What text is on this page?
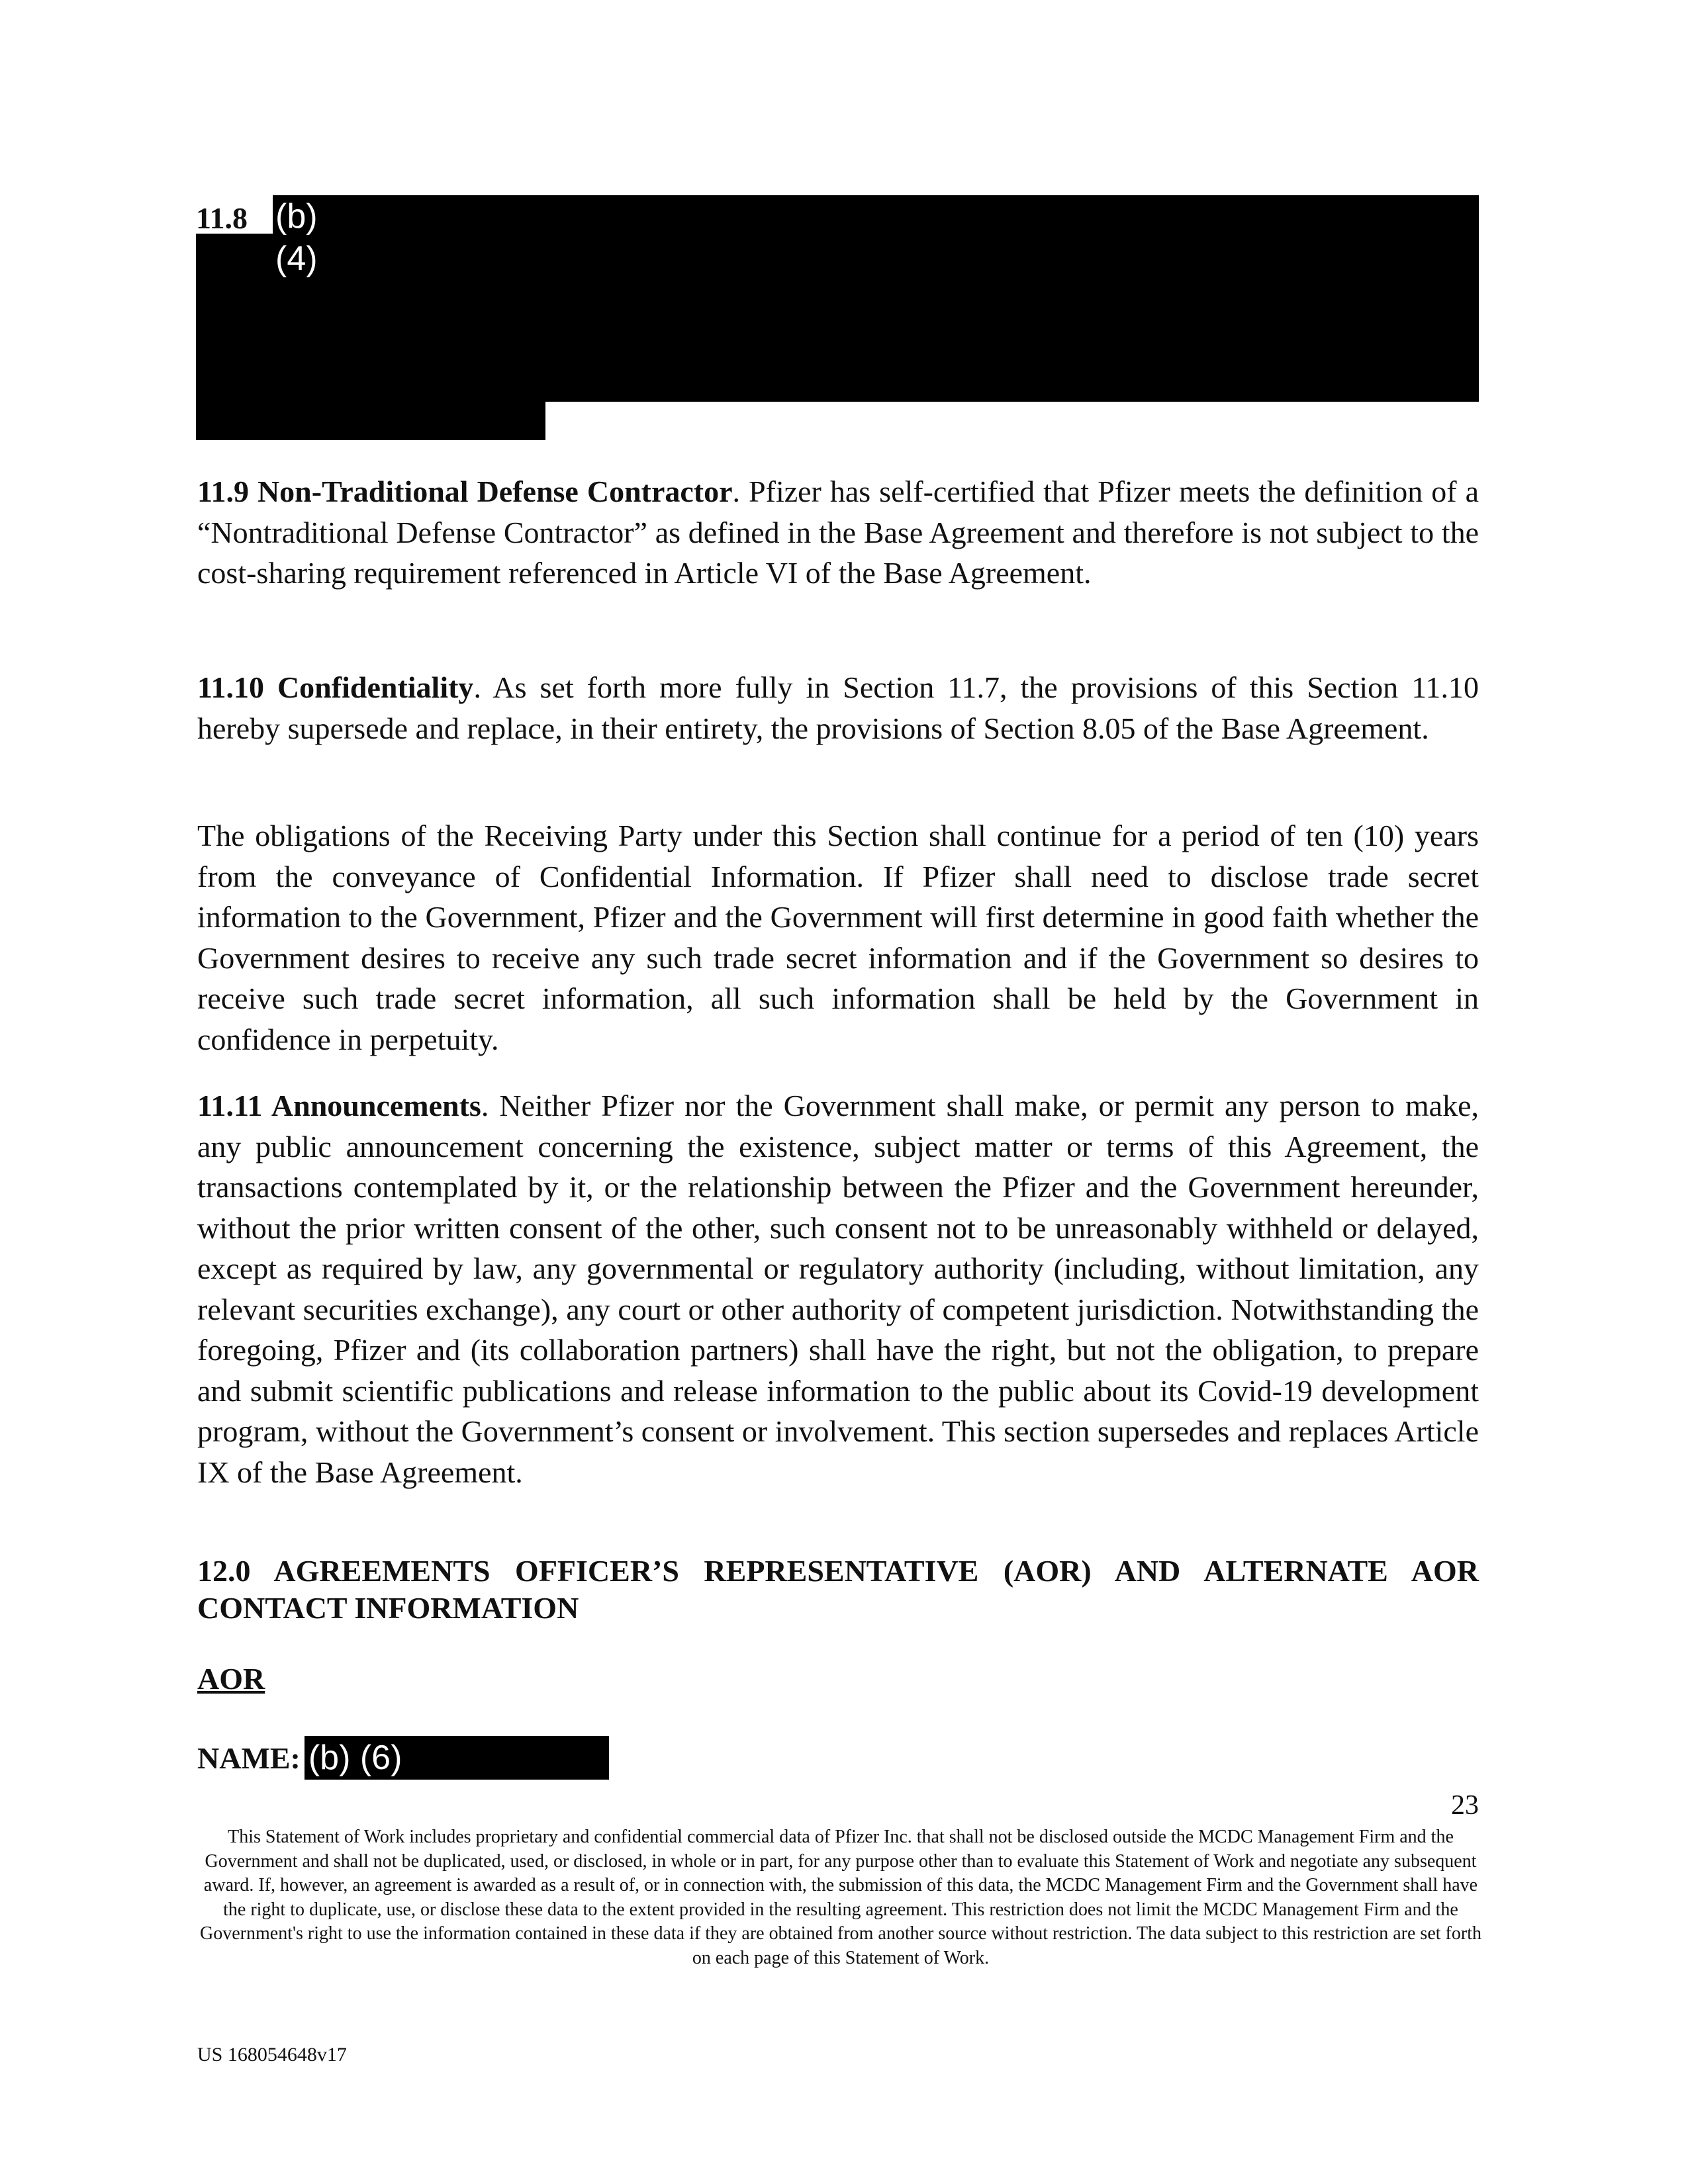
11.8 (b) (4)

11.9 Non-Traditional Defense Contractor. Pfizer has self-certified that Pfizer meets the definition of a “Nontraditional Defense Contractor” as defined in the Base Agreement and therefore is not subject to the cost-sharing requirement referenced in Article VI of the Base Agreement.

11.10 Confidentiality. As set forth more fully in Section 11.7, the provisions of this Section 11.10 hereby supersede and replace, in their entirety, the provisions of Section 8.05 of the Base Agreement.

The obligations of the Receiving Party under this Section shall continue for a period of ten (10) years from the conveyance of Confidential Information. If Pfizer shall need to disclose trade secret information to the Government, Pfizer and the Government will first determine in good faith whether the Government desires to receive any such trade secret information and if the Government so desires to receive such trade secret information, all such information shall be held by the Government in confidence in perpetuity.

11.11 Announcements. Neither Pfizer nor the Government shall make, or permit any person to make, any public announcement concerning the existence, subject matter or terms of this Agreement, the transactions contemplated by it, or the relationship between the Pfizer and the Government hereunder, without the prior written consent of the other, such consent not to be unreasonably withheld or delayed, except as required by law, any governmental or regulatory authority (including, without limitation, any relevant securities exchange), any court or other authority of competent jurisdiction. Notwithstanding the foregoing, Pfizer and (its collaboration partners) shall have the right, but not the obligation, to prepare and submit scientific publications and release information to the public about its Covid-19 development program, without the Government’s consent or involvement. This section supersedes and replaces Article IX of the Base Agreement.

12.0 AGREEMENTS OFFICER’S REPRESENTATIVE (AOR) AND ALTERNATE AOR CONTACT INFORMATION

AOR

NAME: (b) (6)
23

This Statement of Work includes proprietary and confidential commercial data of Pfizer Inc. that shall not be disclosed outside the MCDC Management Firm and the Government and shall not be duplicated, used, or disclosed, in whole or in part, for any purpose other than to evaluate this Statement of Work and negotiate any subsequent award. If, however, an agreement is awarded as a result of, or in connection with, the submission of this data, the MCDC Management Firm and the Government shall have the right to duplicate, use, or disclose these data to the extent provided in the resulting agreement. This restriction does not limit the MCDC Management Firm and the Government's right to use the information contained in these data if they are obtained from another source without restriction. The data subject to this restriction are set forth on each page of this Statement of Work.

US 168054648v17
